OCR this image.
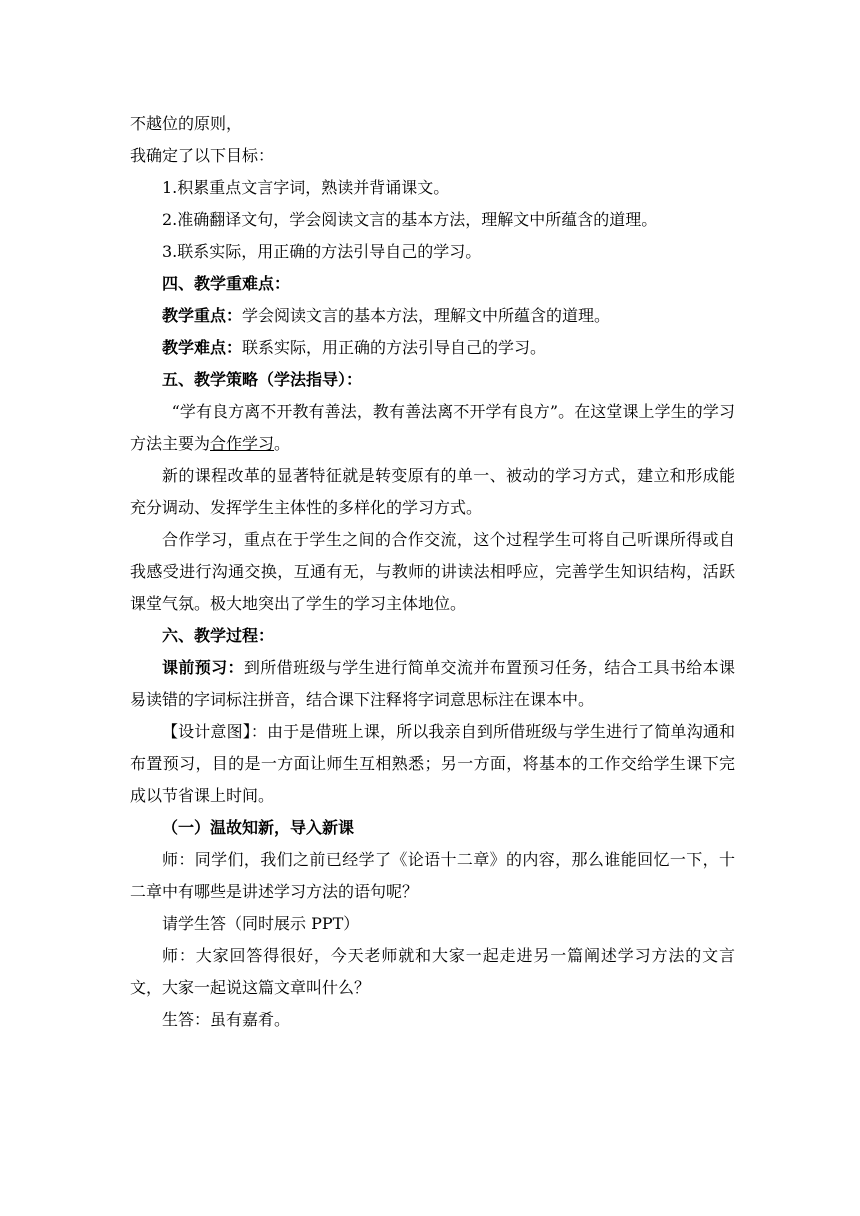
不越位的原则，

我确定了以下目标：

1.积累重点文言字词，熟读并背诵课文。

2.准确翻译文句，学会阅读文言的基本方法，理解文中所蕴含的道理。

3.联系实际，用正确的方法引导自己的学习。

四、教学重难点：

教学重点：学会阅读文言的基本方法，理解文中所蕴含的道理。

教学难点：联系实际，用正确的方法引导自己的学习。

五、教学策略（学法指导）：

“学有良方离不开教有善法，教有善法离不开学有良方”。在这堂课上学生的学习方法主要为合作学习。

新的课程改革的显著特征就是转变原有的单一、被动的学习方式，建立和形成能充分调动、发挥学生主体性的多样化的学习方式。

合作学习，重点在于学生之间的合作交流，这个过程学生可将自己听课所得或自我感受进行沟通交换，互通有无，与教师的讲读法相呼应，完善学生知识结构，活跃课堂气氛。极大地突出了学生的学习主体地位。

六、教学过程：

课前预习：到所借班级与学生进行简单交流并布置预习任务，结合工具书给本课易读错的字词标注拼音，结合课下注释将字词意思标注在课本中。

【设计意图】：由于是借班上课，所以我亲自到所借班级与学生进行了简单沟通和布置预习，目的是一方面让师生互相熟悉；另一方面，将基本的工作交给学生课下完成以节省课上时间。

（一）温故知新，导入新课

师：同学们，我们之前已经学了《论语十二章》的内容，那么谁能回忆一下，十二章中有哪些是讲述学习方法的语句呢？

请学生答（同时展示 PPT）

师：大家回答得很好，今天老师就和大家一起走进另一篇阐述学习方法的文言文，大家一起说这篇文章叫什么？

生答：虽有嘉肴。
